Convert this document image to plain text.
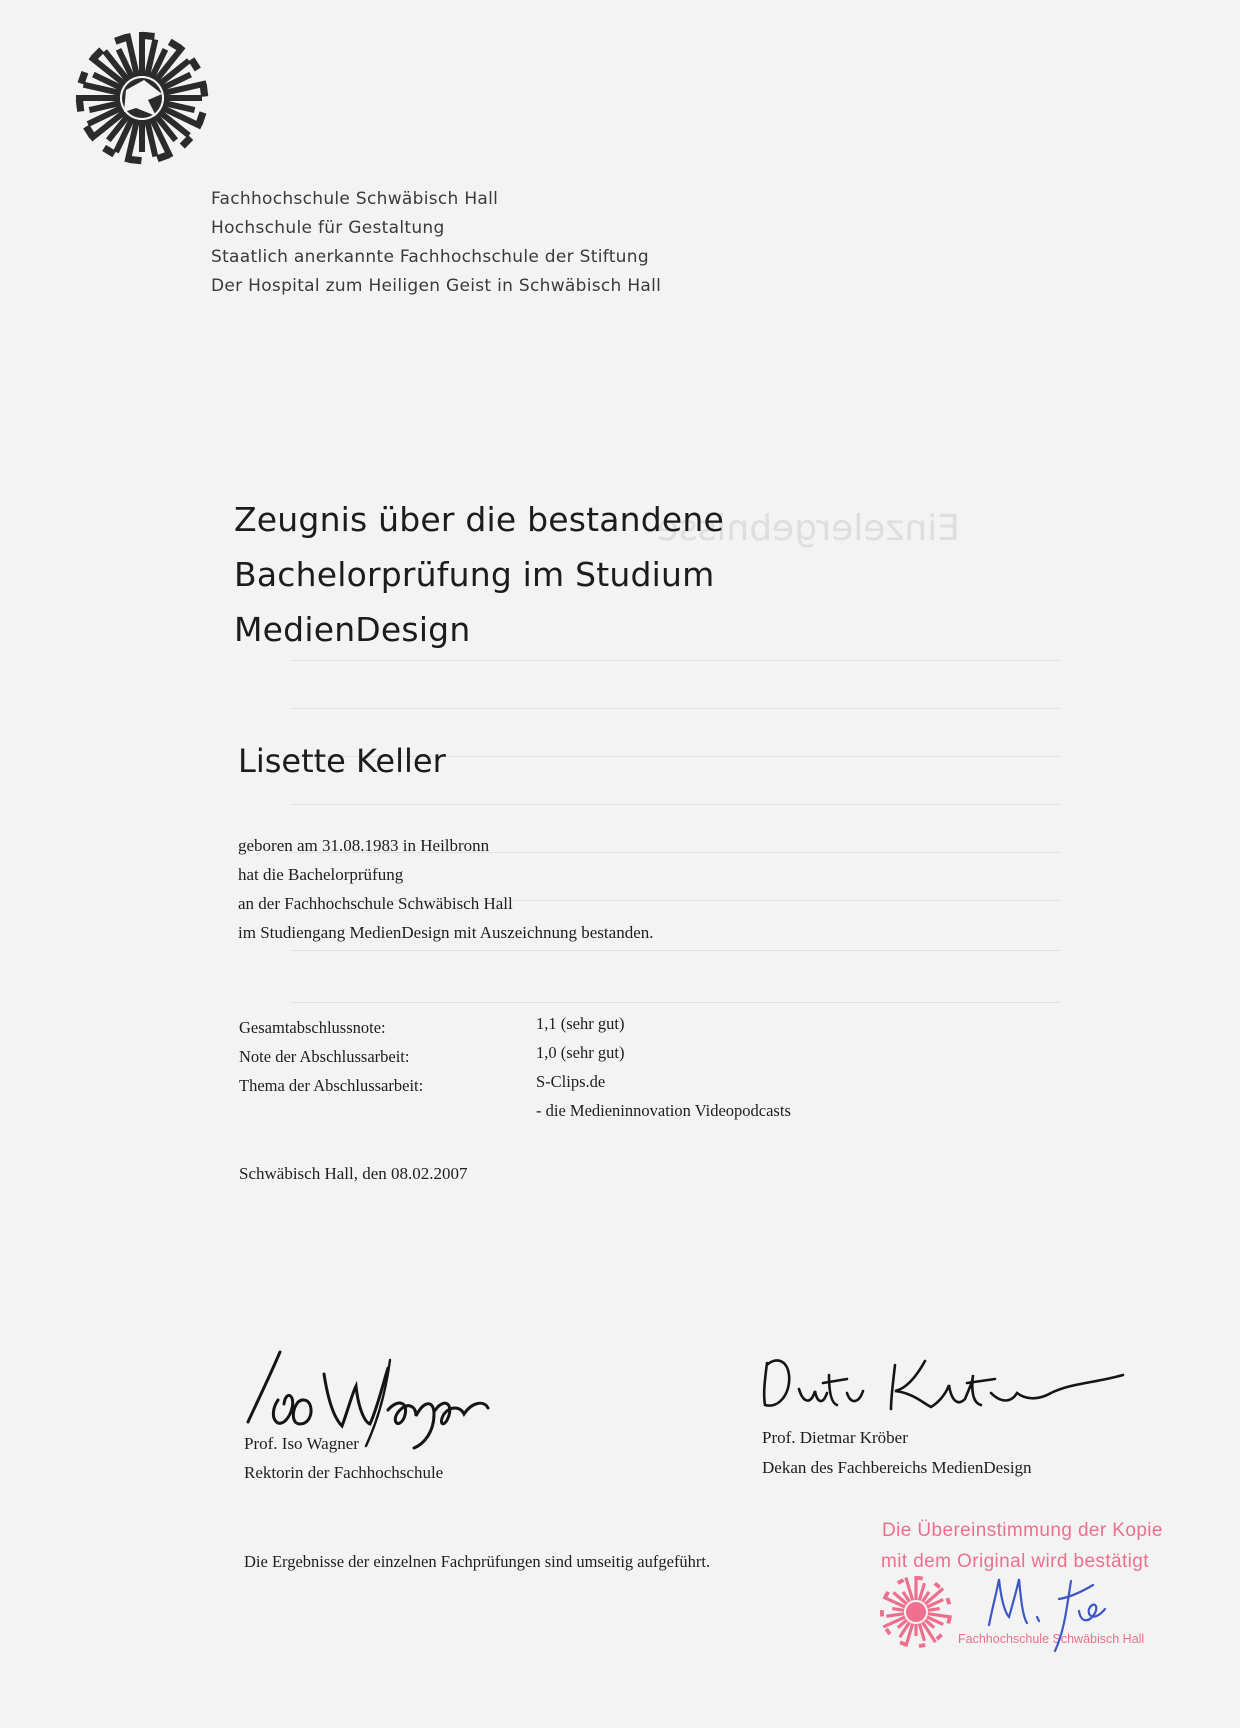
Einzelergebnisse
Fachhochschule Schwäbisch Hall
Hochschule für Gestaltung
Staatlich anerkannte Fachhochschule der Stiftung
Der Hospital zum Heiligen Geist in Schwäbisch Hall
Zeugnis über die bestandene
Bachelorprüfung im Studium
MedienDesign
Lisette Keller
geboren am 31.08.1983 in Heilbronn
hat die Bachelorprüfung
an der Fachhochschule Schwäbisch Hall
im Studiengang MedienDesign mit Auszeichnung bestanden.
Gesamtabschlussnote:	1,1 (sehr gut)
Note der Abschlussarbeit:	1,0 (sehr gut)
Thema der Abschlussarbeit:	S-Clips.de
- die Medieninnovation Videopodcasts
Schwäbisch Hall, den 08.02.2007
Prof. Iso Wagner
Rektorin der Fachhochschule
Prof. Dietmar Kröber
Dekan des Fachbereichs MedienDesign
Die Ergebnisse der einzelnen Fachprüfungen sind umseitig aufgeführt.
Die Übereinstimmung der Kopie
mit dem Original wird bestätigt
Fachhochschule Schwäbisch Hall
